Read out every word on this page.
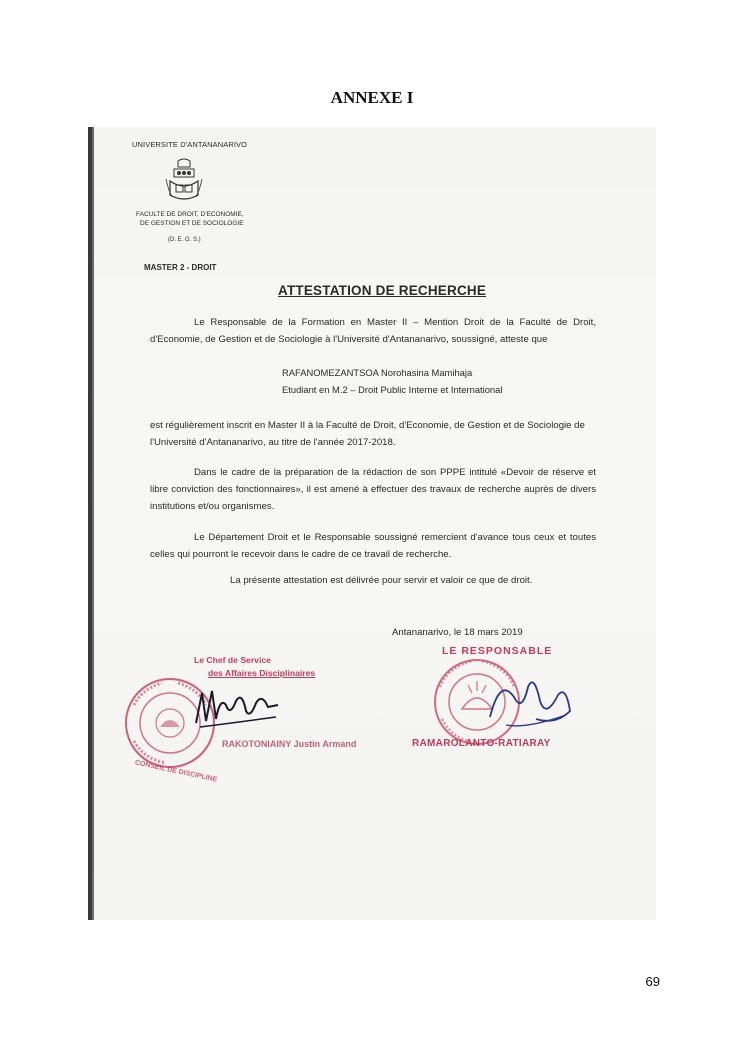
ANNEXE I
UNIVERSITE D'ANTANANARIVO
FACULTE DE DROIT, D'ECONOMIE,
DE GESTION ET DE SOCIOLOGIE
(D. E. G. S.)
MASTER 2 - DROIT
ATTESTATION DE RECHERCHE
Le Responsable de la Formation en Master II – Mention Droit de la Faculté de Droit, d'Economie, de Gestion et de Sociologie à l'Université d'Antananarivo, soussigné, atteste que
RAFANOMEZANTSOA Norohasina Mamihaja
Etudiant en M.2 – Droit Public Interne et International
est régulièrement inscrit en Master II à la Faculté de Droit, d'Economie, de Gestion et de Sociologie de l'Université d'Antananarivo, au titre de l'année 2017-2018.
Dans le cadre de la préparation de la rédaction de son PPPE intitulé «Devoir de réserve et libre conviction des fonctionnaires», il est amené à effectuer des travaux de recherche auprès de divers institutions et/ou organismes.
Le Département Droit et le Responsable soussigné remercient d'avance tous ceux et toutes celles qui pourront le recevoir dans le cadre de ce travail de recherche.
La présente attestation est délivrée pour servir et valoir ce que de droit.
Antananarivo, le 18 mars 2019
CONSEIL DE DISCIPLINE
Le Chef de Service
des Affaires Disciplinaires
RAKOTONIAINY Justin Armand
LE RESPONSABLE
RAMAROLANTO-RATIARAY
69
